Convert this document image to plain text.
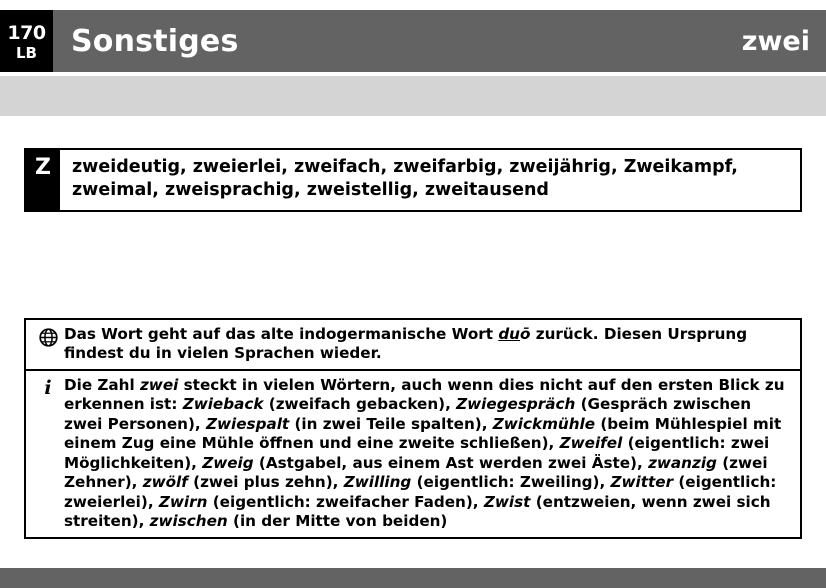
170
LB	Sonstiges	zwei
Z	zweideutig, zweierlei, zweifach, zweifarbig, zweijährig, Zweikampf, zweimal, zweisprachig, zweistellig, zweitausend
Das Wort geht auf das alte indogermanische Wort duō zurück. Diesen Ursprung findest du in vielen Sprachen wieder.
i Die Zahl zwei steckt in vielen Wörtern, auch wenn dies nicht auf den ersten Blick zu erkennen ist: Zwieback (zweifach gebacken), Zwiegespräch (Gespräch zwischen zwei Personen), Zwiespalt (in zwei Teile spalten), Zwickmühle (beim Mühlespiel mit einem Zug eine Mühle öffnen und eine zweite schließen), Zweifel (eigentlich: zwei Möglichkeiten), Zweig (Astgabel, aus einem Ast werden zwei Äste), zwanzig (zwei Zehner), zwölf (zwei plus zehn), Zwilling (eigentlich: Zweiling), Zwitter (eigentlich: zweierlei), Zwirn (eigentlich: zweifacher Faden), Zwist (entzweien, wenn zwei sich streiten), zwischen (in der Mitte von beiden)
